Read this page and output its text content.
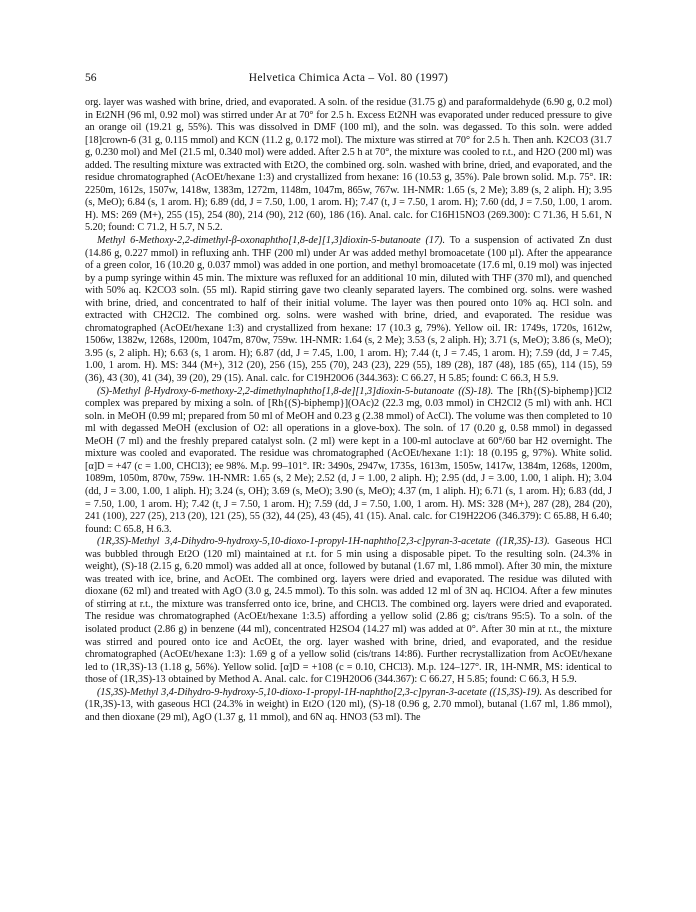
56	Helvetica Chimica Acta – Vol. 80 (1997)

org. layer was washed with brine, dried, and evaporated. A soln. of the residue (31.75 g) and paraformaldehyde (6.90 g, 0.2 mol) in Et2NH (96 ml, 0.92 mol) was stirred under Ar at 70° for 2.5 h. Excess Et2NH was evaporated under reduced pressure to give an orange oil (19.21 g, 55%). This was dissolved in DMF (100 ml), and the soln. was degassed. To this soln. were added [18]crown-6 (31 g, 0.115 mmol) and KCN (11.2 g, 0.172 mol). The mixture was stirred at 70° for 2.5 h. Then anh. K2CO3 (31.7 g, 0.230 mol) and MeI (21.5 ml, 0.340 mol) were added. After 2.5 h at 70°, the mixture was cooled to r.t., and H2O (200 ml) was added. The resulting mixture was extracted with Et2O, the combined org. soln. washed with brine, dried, and evaporated, and the residue chromatographed (AcOEt/hexane 1:3) and crystallized from hexane: 16 (10.53 g, 35%). Pale brown solid. M.p. 75°. IR: 2250m, 1612s, 1507w, 1418w, 1383m, 1272m, 1148m, 1047m, 865w, 767w. 1H-NMR: 1.65 (s, 2 Me); 3.89 (s, 2 aliph. H); 3.95 (s, MeO); 6.84 (s, 1 arom. H); 6.89 (dd, J = 7.50, 1.00, 1 arom. H); 7.47 (t, J = 7.50, 1 arom. H); 7.60 (dd, J = 7.50, 1.00, 1 arom. H). MS: 269 (M+), 255 (15), 254 (80), 214 (90), 212 (60), 186 (16). Anal. calc. for C16H15NO3 (269.300): C 71.36, H 5.61, N 5.20; found: C 71.2, H 5.7, N 5.2.

Methyl 6-Methoxy-2,2-dimethyl-β-oxonaphtho[1,8-de][1,3]dioxin-5-butanoate (17). To a suspension of activated Zn dust (14.86 g, 0.227 mmol) in refluxing anh. THF (200 ml) under Ar was added methyl bromoacetate (100 µl). After the appearance of a green color, 16 (10.20 g, 0.037 mmol) was added in one portion, and methyl bromoacetate (17.6 ml, 0.19 mol) was injected by a pump syringe within 45 min. The mixture was refluxed for an additional 10 min, diluted with THF (370 ml), and quenched with 50% aq. K2CO3 soln. (55 ml). Rapid stirring gave two cleanly separated layers. The combined org. solns. were washed with brine, dried, and concentrated to half of their initial volume. The layer was then poured onto 10% aq. HCl soln. and extracted with CH2Cl2. The combined org. solns. were washed with brine, dried, and evaporated. The residue was chromatographed (AcOEt/hexane 1:3) and crystallized from hexane: 17 (10.3 g, 79%). Yellow oil. IR: 1749s, 1720s, 1612w, 1506w, 1382w, 1268s, 1200m, 1047m, 870w, 759w. 1H-NMR: 1.64 (s, 2 Me); 3.53 (s, 2 aliph. H); 3.71 (s, MeO); 3.86 (s, MeO); 3.95 (s, 2 aliph. H); 6.63 (s, 1 arom. H); 6.87 (dd, J = 7.45, 1.00, 1 arom. H); 7.44 (t, J = 7.45, 1 arom. H); 7.59 (dd, J = 7.45, 1.00, 1 arom. H). MS: 344 (M+), 312 (20), 256 (15), 255 (70), 243 (23), 229 (55), 189 (28), 187 (48), 185 (65), 114 (15), 59 (36), 43 (30), 41 (34), 39 (20), 29 (15). Anal. calc. for C19H20O6 (344.363): C 66.27, H 5.85; found: C 66.3, H 5.9.

(S)-Methyl β-Hydroxy-6-methoxy-2,2-dimethylnaphtho[1,8-de][1,3]dioxin-5-butanoate ((S)-18). The [Rh{(S)-biphemp}]Cl2 complex was prepared by mixing a soln. of [Rh{(S)-biphemp}](OAc)2 (22.3 mg, 0.03 mmol) in CH2Cl2 (5 ml) with anh. HCl soln. in MeOH (0.99 ml; prepared from 50 ml of MeOH and 0.23 g (2.38 mmol) of AcCl). The volume was then completed to 10 ml with degassed MeOH (exclusion of O2: all operations in a glove-box). The soln. of 17 (0.20 g, 0.58 mmol) in degassed MeOH (7 ml) and the freshly prepared catalyst soln. (2 ml) were kept in a 100-ml autoclave at 60°/60 bar H2 overnight. The mixture was cooled and evaporated. The residue was chromatographed (AcOEt/hexane 1:1): 18 (0.195 g, 97%). White solid. [α]D = +47 (c = 1.00, CHCl3); ee 98%. M.p. 99–101°. IR: 3490s, 2947w, 1735s, 1613m, 1505w, 1417w, 1384m, 1268s, 1200m, 1089m, 1050m, 870w, 759w. 1H-NMR: 1.65 (s, 2 Me); 2.52 (d, J = 1.00, 2 aliph. H); 2.95 (dd, J = 3.00, 1.00, 1 aliph. H); 3.04 (dd, J = 3.00, 1.00, 1 aliph. H); 3.24 (s, OH); 3.69 (s, MeO); 3.90 (s, MeO); 4.37 (m, 1 aliph. H); 6.71 (s, 1 arom. H); 6.83 (dd, J = 7.50, 1.00, 1 arom. H); 7.42 (t, J = 7.50, 1 arom. H); 7.59 (dd, J = 7.50, 1.00, 1 arom. H). MS: 328 (M+), 287 (28), 284 (20), 241 (100), 227 (25), 213 (20), 121 (25), 55 (32), 44 (25), 43 (45), 41 (15). Anal. calc. for C19H22O6 (346.379): C 65.88, H 6.40; found: C 65.8, H 6.3.

(1R,3S)-Methyl 3,4-Dihydro-9-hydroxy-5,10-dioxo-1-propyl-1H-naphtho[2,3-c]pyran-3-acetate ((1R,3S)-13). Gaseous HCl was bubbled through Et2O (120 ml) maintained at r.t. for 5 min using a disposable pipet. To the resulting soln. (24.3% in weight), (S)-18 (2.15 g, 6.20 mmol) was added all at once, followed by butanal (1.67 ml, 1.86 mmol). After 30 min, the mixture was treated with ice, brine, and AcOEt. The combined org. layers were dried and evaporated. The residue was diluted with dioxane (62 ml) and treated with AgO (3.0 g, 24.5 mmol). To this soln. was added 12 ml of 3N aq. HClO4. After a few minutes of stirring at r.t., the mixture was transferred onto ice, brine, and CHCl3. The combined org. layers were dried and evaporated. The residue was chromatographed (AcOEt/hexane 1:3.5) affording a yellow solid (2.86 g; cis/trans 95:5). To a soln. of the isolated product (2.86 g) in benzene (44 ml), concentrated H2SO4 (14.27 ml) was added at 0°. After 30 min at r.t., the mixture was stirred and poured onto ice and AcOEt, the org. layer washed with brine, dried, and evaporated, and the residue chromatographed (AcOEt/hexane 1:3): 1.69 g of a yellow solid (cis/trans 14:86). Further recrystallization from AcOEt/hexane led to (1R,3S)-13 (1.18 g, 56%). Yellow solid. [α]D = +108 (c = 0.10, CHCl3). M.p. 124–127°. IR, 1H-NMR, MS: identical to those of (1R,3S)-13 obtained by Method A. Anal. calc. for C19H20O6 (344.367): C 66.27, H 5.85; found: C 66.3, H 5.9.

(1S,3S)-Methyl 3,4-Dihydro-9-hydroxy-5,10-dioxo-1-propyl-1H-naphtho[2,3-c]pyran-3-acetate ((1S,3S)-19). As described for (1R,3S)-13, with gaseous HCl (24.3% in weight) in Et2O (120 ml), (S)-18 (0.96 g, 2.70 mmol), butanal (1.67 ml, 1.86 mmol), and then dioxane (29 ml), AgO (1.37 g, 11 mmol), and 6N aq. HNO3 (53 ml). The
